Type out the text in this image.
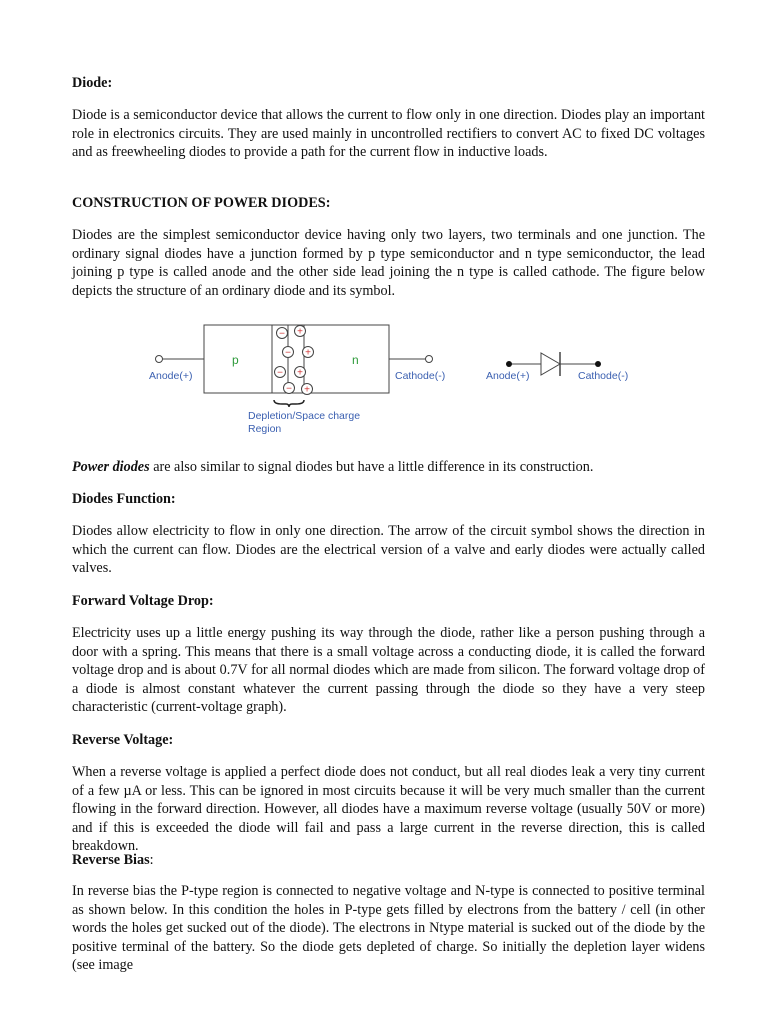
Diode:

Diode is a semiconductor device that allows the current to flow only in one direction. Diodes play an important role in electronics circuits. They are used mainly in uncontrolled rectifiers to convert AC to fixed DC voltages and as freewheeling diodes to provide a path for the current flow in inductive loads.

CONSTRUCTION OF POWER DIODES:

Diodes are the simplest semiconductor device having only two layers, two terminals and one junction. The ordinary signal diodes have a junction formed by p type semiconductor and n type semiconductor, the lead joining p type is called anode and the other side lead joining the n type is called cathode. The figure below depicts the structure of an ordinary diode and its symbol.

p	n
Anode(+)	Cathode(-)
− +
− +
− +
− +
Depletion/Space charge
Region
Anode(+)	Cathode(-)

Power diodes are also similar to signal diodes but have a little difference in its construction.

Diodes Function:

Diodes allow electricity to flow in only one direction. The arrow of the circuit symbol shows the direction in which the current can flow. Diodes are the electrical version of a valve and early diodes were actually called valves.

Forward Voltage Drop:

Electricity uses up a little energy pushing its way through the diode, rather like a person pushing through a door with a spring. This means that there is a small voltage across a conducting diode, it is called the forward voltage drop and is about 0.7V for all normal diodes which are made from silicon. The forward voltage drop of a diode is almost constant whatever the current passing through the diode so they have a very steep characteristic (current-voltage graph).

Reverse Voltage:

When a reverse voltage is applied a perfect diode does not conduct, but all real diodes leak a very tiny current of a few µA or less. This can be ignored in most circuits because it will be very much smaller than the current flowing in the forward direction. However, all diodes have a maximum reverse voltage (usually 50V or more) and if this is exceeded the diode will fail and pass a large current in the reverse direction, this is called breakdown.

Reverse Bias:

In reverse bias the P-type region is connected to negative voltage and N-type is connected to positive terminal as shown below. In this condition the holes in P-type gets filled by electrons from the battery / cell (in other words the holes get sucked out of the diode). The electrons in Ntype material is sucked out of the diode by the positive terminal of the battery. So the diode gets depleted of charge. So initially the depletion layer widens (see image
